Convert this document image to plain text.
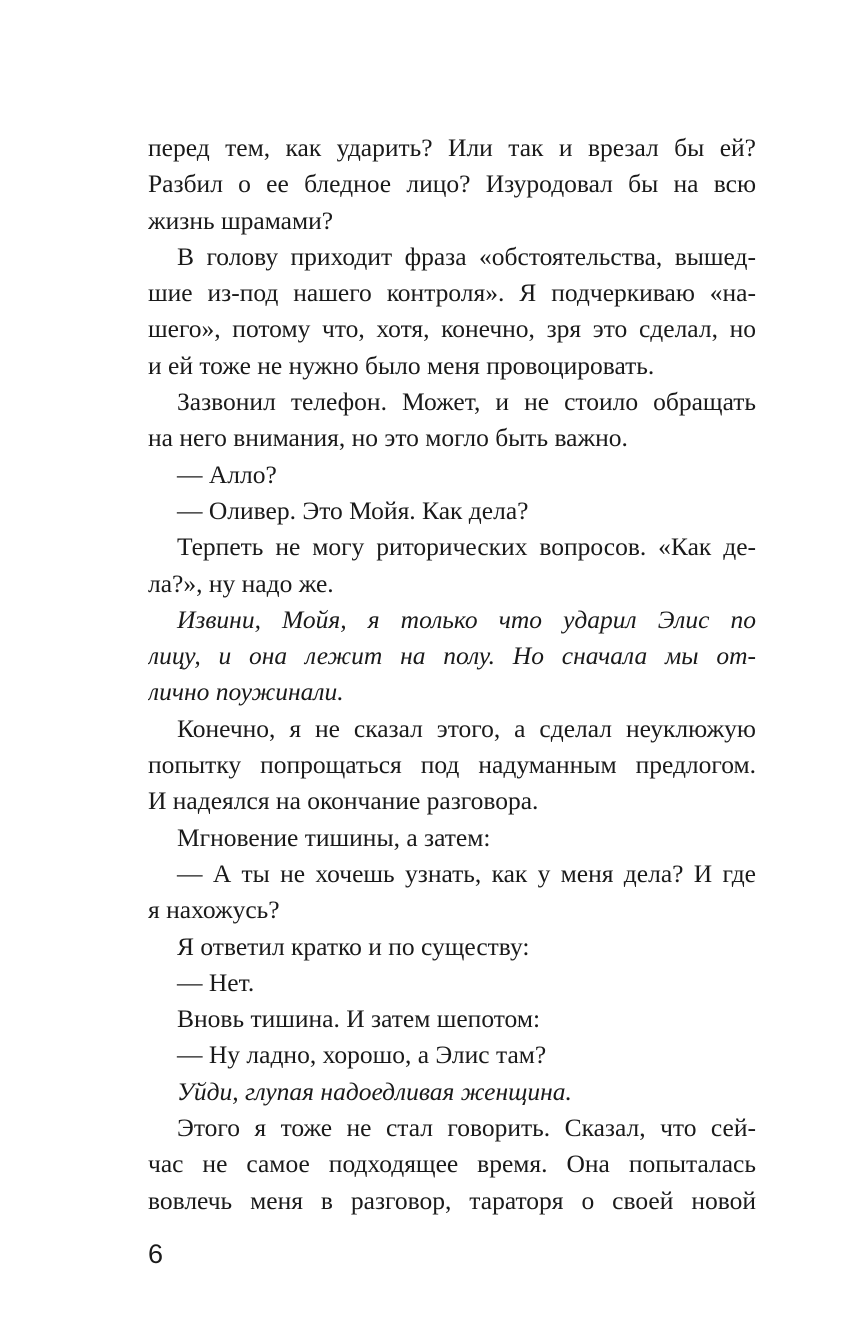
перед тем, как ударить? Или так и врезал бы ей?
Разбил о ее бледное лицо? Изуродовал бы на всю
жизнь шрамами?
В голову приходит фраза «обстоятельства, вышед-
шие из-под нашего контроля». Я подчеркиваю «на-
шего», потому что, хотя, конечно, зря это сделал, но
и ей тоже не нужно было меня провоцировать.
Зазвонил телефон. Может, и не стоило обращать
на него внимания, но это могло быть важно.
— Алло?
— Оливер. Это Мойя. Как дела?
Терпеть не могу риторических вопросов. «Как де-
ла?», ну надо же.
Извини, Мойя, я только что ударил Элис по
лицу, и она лежит на полу. Но сначала мы от-
лично поужинали.
Конечно, я не сказал этого, а сделал неуклюжую
попытку попрощаться под надуманным предлогом.
И надеялся на окончание разговора.
Мгновение тишины, а затем:
— А ты не хочешь узнать, как у меня дела? И где
я нахожусь?
Я ответил кратко и по существу:
— Нет.
Вновь тишина. И затем шепотом:
— Ну ладно, хорошо, а Элис там?
Уйди, глупая надоедливая женщина.
Этого я тоже не стал говорить. Сказал, что сей-
час не самое подходящее время. Она попыталась
вовлечь меня в разговор, тараторя о своей новой
6
